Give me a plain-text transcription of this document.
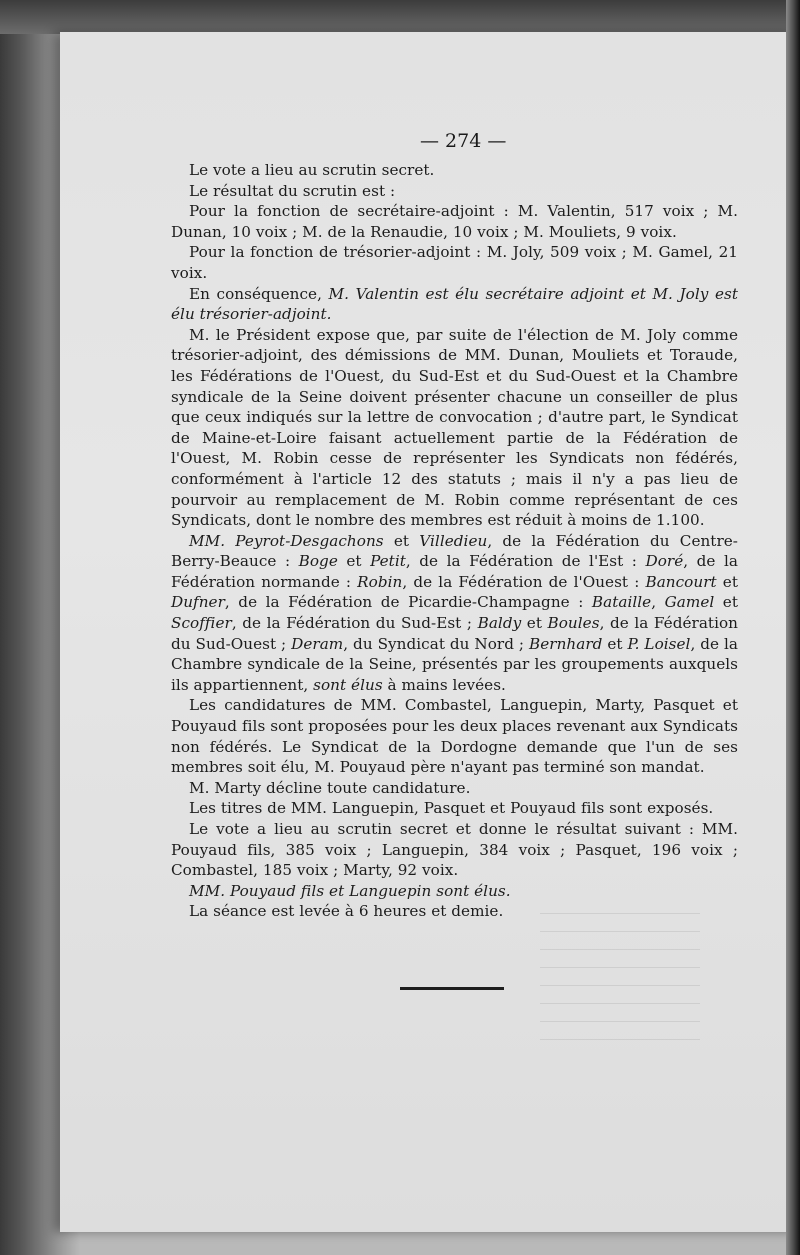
— 274 —

Le vote a lieu au scrutin secret.

Le résultat du scrutin est :

Pour la fonction de secrétaire-adjoint : M. Valentin, 517 voix ; M. Dunan, 10 voix ; M. de la Renaudie, 10 voix ; M. Mouliets, 9 voix.

Pour la fonction de trésorier-adjoint : M. Joly, 509 voix ; M. Gamel, 21 voix.

En conséquence, M. Valentin est élu secrétaire adjoint et M. Joly est élu trésorier-adjoint.

M. le Président expose que, par suite de l'élection de M. Joly comme trésorier-adjoint, des démissions de MM. Dunan, Mouliets et Toraude, les Fédérations de l'Ouest, du Sud-Est et du Sud-Ouest et la Chambre syndicale de la Seine doivent présenter chacune un conseiller de plus que ceux indiqués sur la lettre de convocation ; d'autre part, le Syndicat de Maine-et-Loire faisant actuellement partie de la Fédération de l'Ouest, M. Robin cesse de représenter les Syndicats non fédérés, conformément à l'article 12 des statuts ; mais il n'y a pas lieu de pourvoir au remplacement de M. Robin comme représentant de ces Syndicats, dont le nombre des membres est réduit à moins de 1.100.

MM. Peyrot-Desgachons et Villedieu, de la Fédération du Centre-Berry-Beauce : Boge et Petit, de la Fédération de l'Est : Doré, de la Fédération normande : Robin, de la Fédération de l'Ouest : Bancourt et Dufner, de la Fédération de Picardie-Champagne : Bataille, Gamel et Scoffier, de la Fédération du Sud-Est ; Baldy et Boules, de la Fédération du Sud-Ouest ; Deram, du Syndicat du Nord ; Bernhard et P. Loisel, de la Chambre syndicale de la Seine, présentés par les groupements auxquels ils appartiennent, sont élus à mains levées.

Les candidatures de MM. Combastel, Languepin, Marty, Pasquet et Pouyaud fils sont proposées pour les deux places revenant aux Syndicats non fédérés. Le Syndicat de la Dordogne demande que l'un de ses membres soit élu, M. Pouyaud père n'ayant pas terminé son mandat.

M. Marty décline toute candidature.

Les titres de MM. Languepin, Pasquet et Pouyaud fils sont exposés.

Le vote a lieu au scrutin secret et donne le résultat suivant : MM. Pouyaud fils, 385 voix ; Languepin, 384 voix ; Pasquet, 196 voix ; Combastel, 185 voix ; Marty, 92 voix.

MM. Pouyaud fils et Languepin sont élus.

La séance est levée à 6 heures et demie.
